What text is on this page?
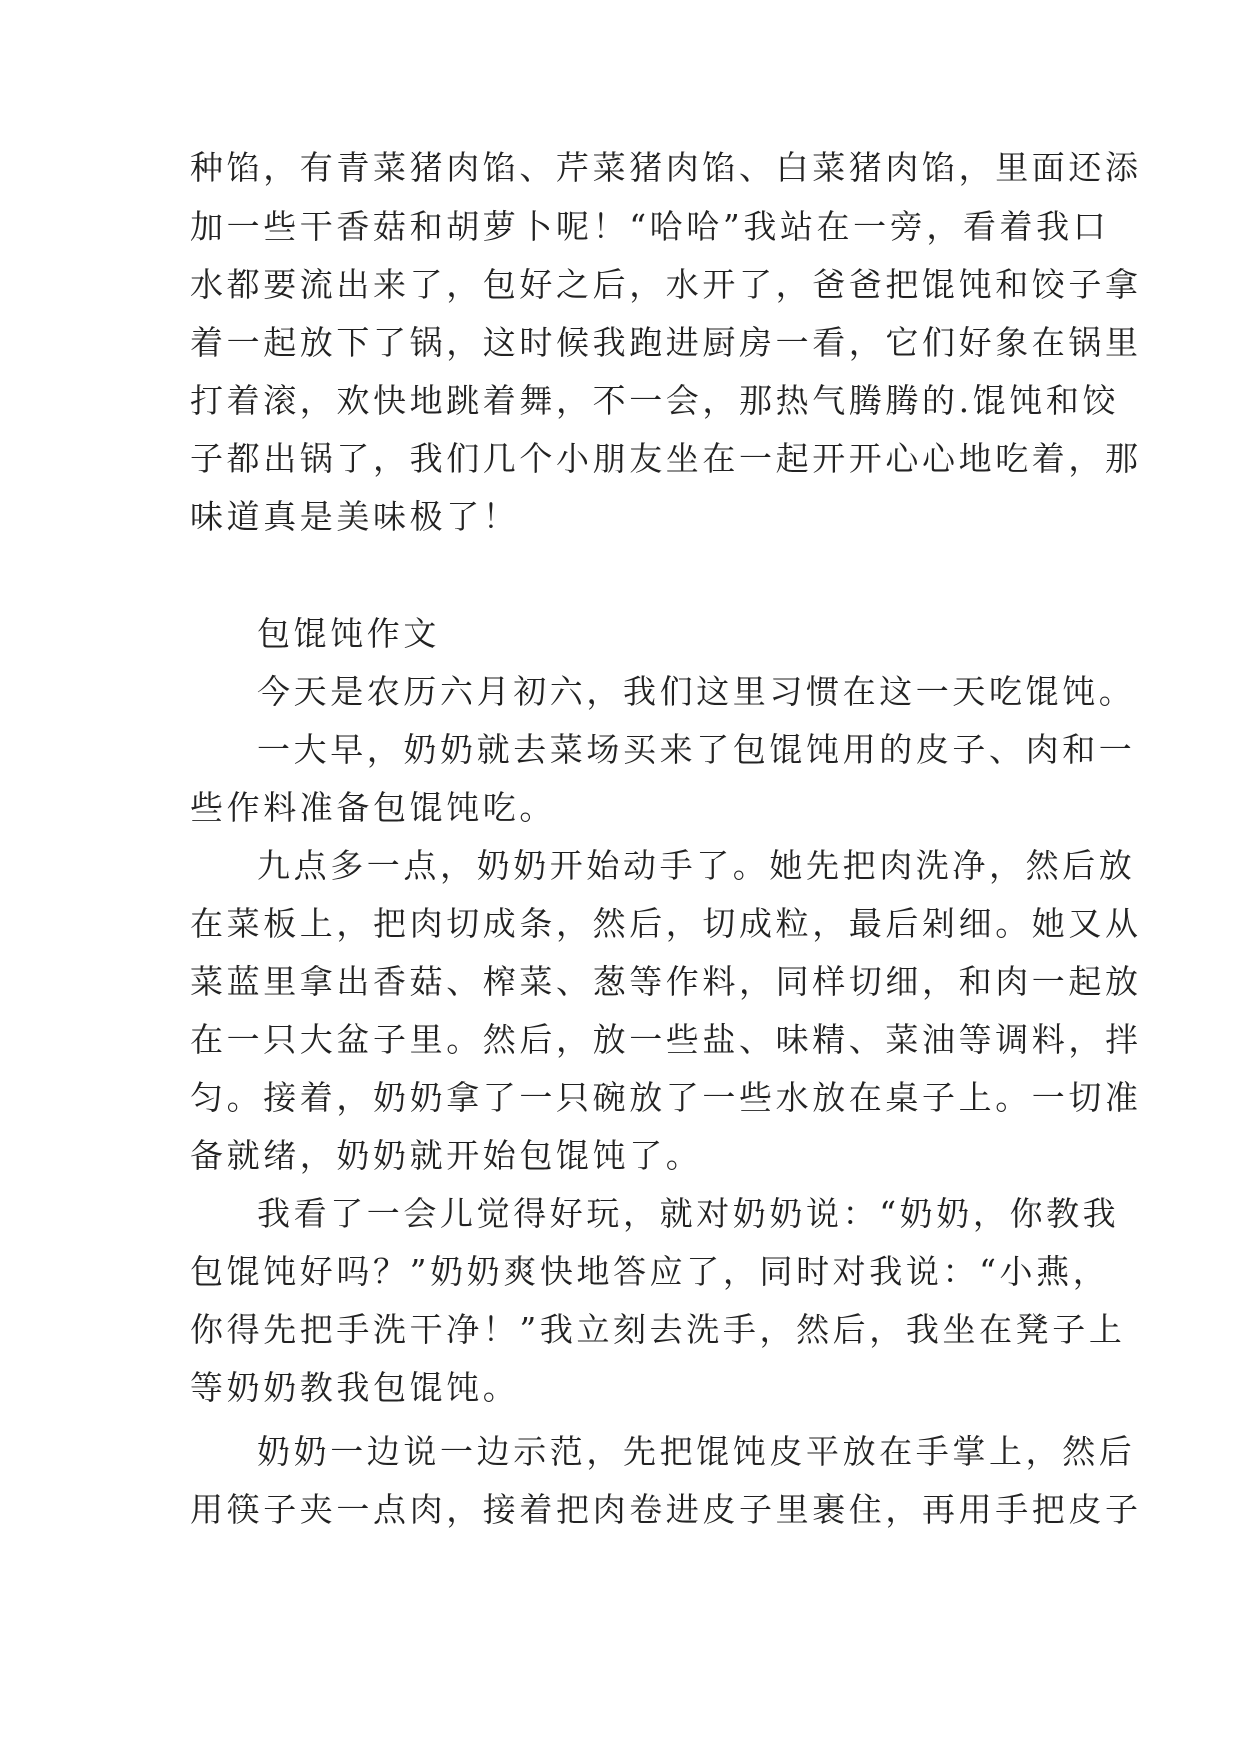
种馅，有青菜猪肉馅、芹菜猪肉馅、白菜猪肉馅，里面还添
加一些干香菇和胡萝卜呢！“哈哈”我站在一旁，看着我口
水都要流出来了，包好之后，水开了，爸爸把馄饨和饺子拿
着一起放下了锅，这时候我跑进厨房一看，它们好象在锅里
打着滚，欢快地跳着舞，不一会，那热气腾腾的.馄饨和饺
子都出锅了，我们几个小朋友坐在一起开开心心地吃着，那
味道真是美味极了！
包馄饨作文
今天是农历六月初六，我们这里习惯在这一天吃馄饨。
一大早，奶奶就去菜场买来了包馄饨用的皮子、肉和一
些作料准备包馄饨吃。
九点多一点，奶奶开始动手了。她先把肉洗净，然后放
在菜板上，把肉切成条，然后，切成粒，最后剁细。她又从
菜蓝里拿出香菇、榨菜、葱等作料，同样切细，和肉一起放
在一只大盆子里。然后，放一些盐、味精、菜油等调料，拌
匀。接着，奶奶拿了一只碗放了一些水放在桌子上。一切准
备就绪，奶奶就开始包馄饨了。
我看了一会儿觉得好玩，就对奶奶说：“奶奶，你教我
包馄饨好吗？”奶奶爽快地答应了，同时对我说：“小燕，
你得先把手洗干净！”我立刻去洗手，然后，我坐在凳子上
等奶奶教我包馄饨。
奶奶一边说一边示范，先把馄饨皮平放在手掌上，然后
用筷子夹一点肉，接着把肉卷进皮子里裹住，再用手把皮子
